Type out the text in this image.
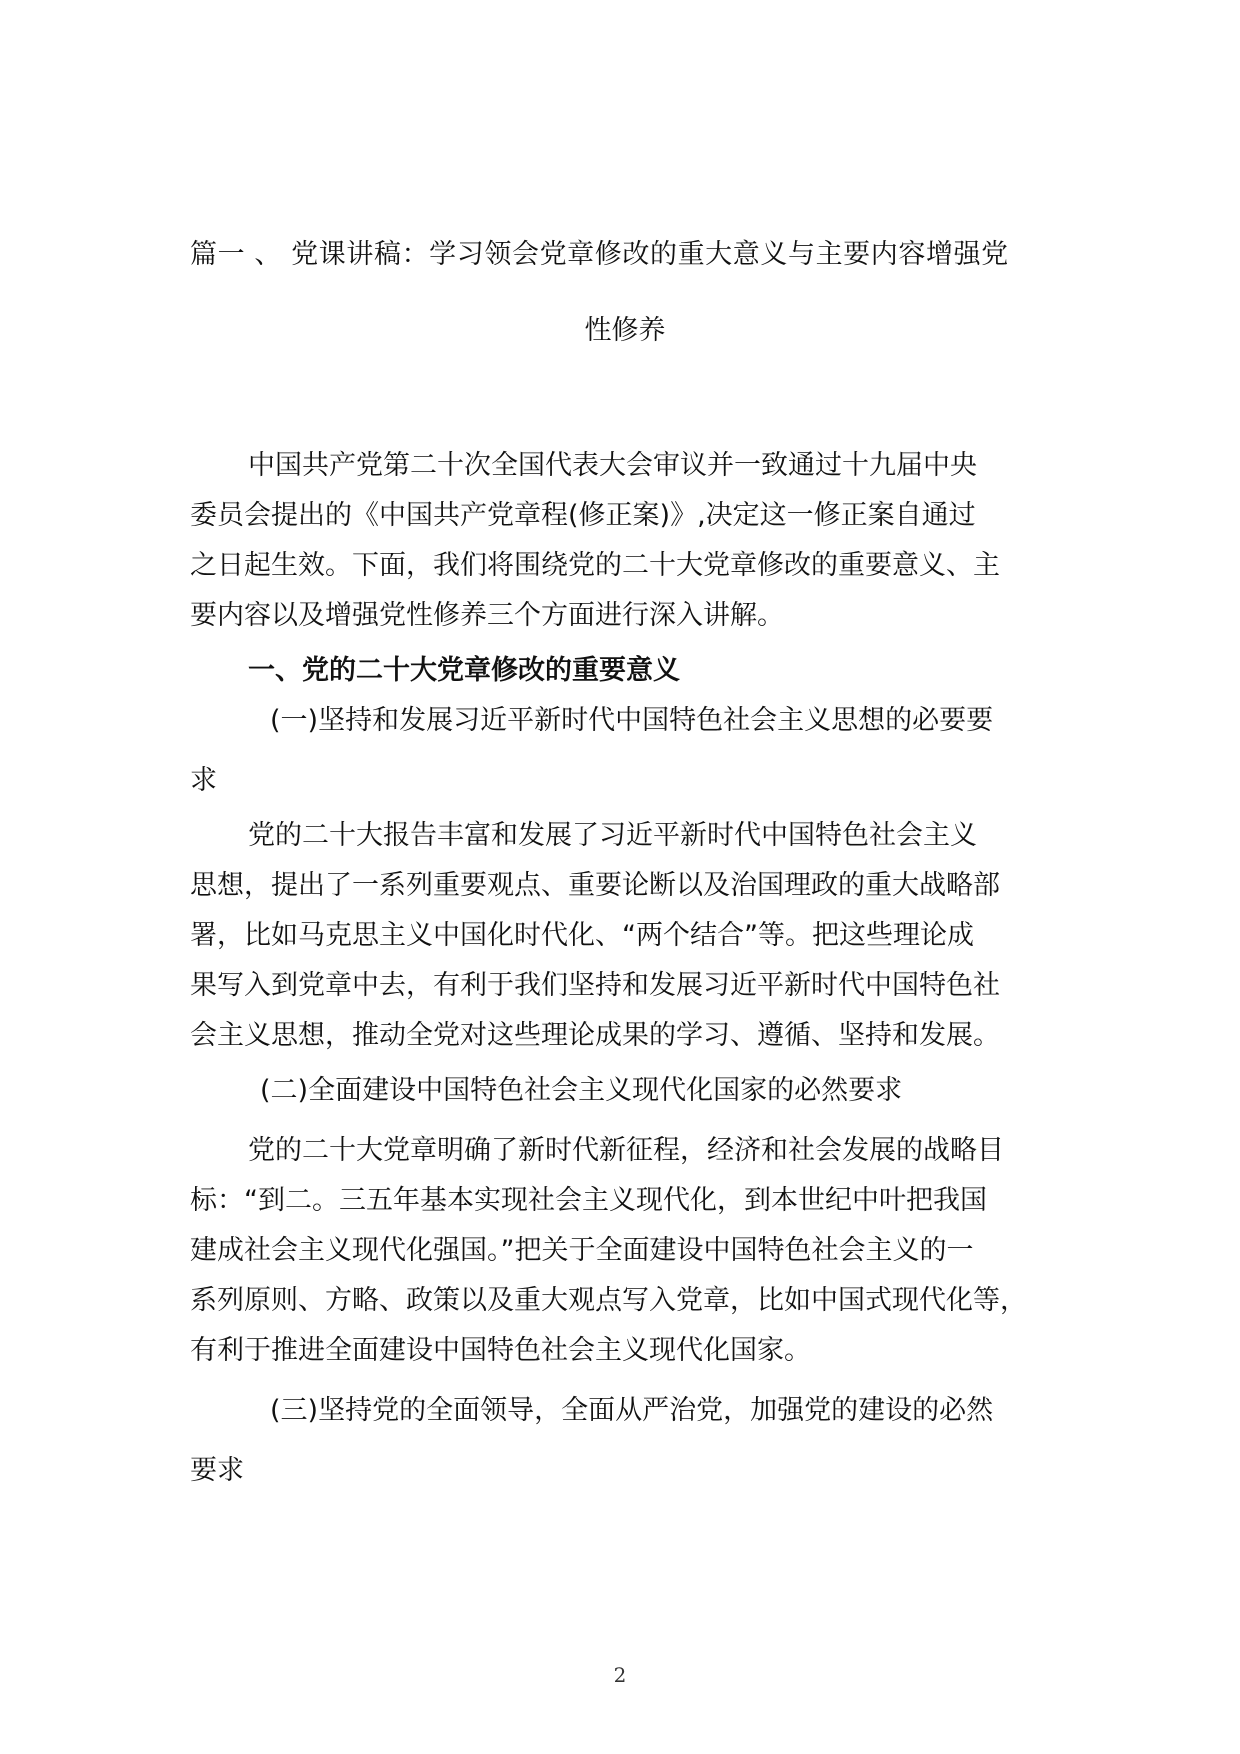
篇一 、 党课讲稿：学习领会党章修改的重大意义与主要内容增强党
性修养
中国共产党第二十次全国代表大会审议并一致通过十九届中央
委员会提出的《中国共产党章程(修正案)》,决定这一修正案自通过
之日起生效。下面，我们将围绕党的二十大党章修改的重要意义、主
要内容以及增强党性修养三个方面进行深入讲解。
一、党的二十大党章修改的重要意义
(一)坚持和发展习近平新时代中国特色社会主义思想的必要要
求
党的二十大报告丰富和发展了习近平新时代中国特色社会主义
思想，提出了一系列重要观点、重要论断以及治国理政的重大战略部
署，比如马克思主义中国化时代化、“两个结合”等。把这些理论成
果写入到党章中去，有利于我们坚持和发展习近平新时代中国特色社
会主义思想，推动全党对这些理论成果的学习、遵循、坚持和发展。
(二)全面建设中国特色社会主义现代化国家的必然要求
党的二十大党章明确了新时代新征程，经济和社会发展的战略目
标：“到二。三五年基本实现社会主义现代化，到本世纪中叶把我国
建成社会主义现代化强国。”把关于全面建设中国特色社会主义的一
系列原则、方略、政策以及重大观点写入党章，比如中国式现代化等，
有利于推进全面建设中国特色社会主义现代化国家。
(三)坚持党的全面领导，全面从严治党，加强党的建设的必然
要求
2
